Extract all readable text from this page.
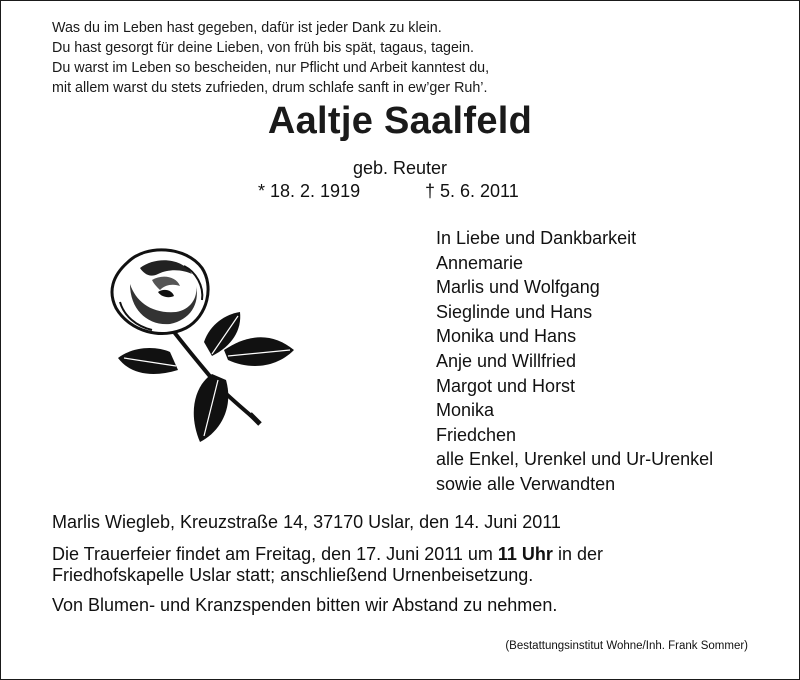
Was du im Leben hast gegeben, dafür ist jeder Dank zu klein.
Du hast gesorgt für deine Lieben, von früh bis spät, tagaus, tagein.
Du warst im Leben so bescheiden, nur Pflicht und Arbeit kanntest du,
mit allem warst du stets zufrieden, drum schlafe sanft in ew’ger Ruh’.
Aaltje Saalfeld
geb. Reuter
* 18. 2. 1919	† 5. 6. 2011
In Liebe und Dankbarkeit
Annemarie
Marlis und Wolfgang
Sieglinde und Hans
Monika und Hans
Anje und Willfried
Margot und Horst
Monika
Friedchen
alle Enkel, Urenkel und Ur-Urenkel
sowie alle Verwandten
Marlis Wiegleb, Kreuzstraße 14, 37170 Uslar, den 14. Juni 2011
Die Trauerfeier findet am Freitag, den 17. Juni 2011 um 11 Uhr in der
Friedhofskapelle Uslar statt; anschließend Urnenbeisetzung.
Von Blumen- und Kranzspenden bitten wir Abstand zu nehmen.
(Bestattungsinstitut Wohne/Inh. Frank Sommer)
